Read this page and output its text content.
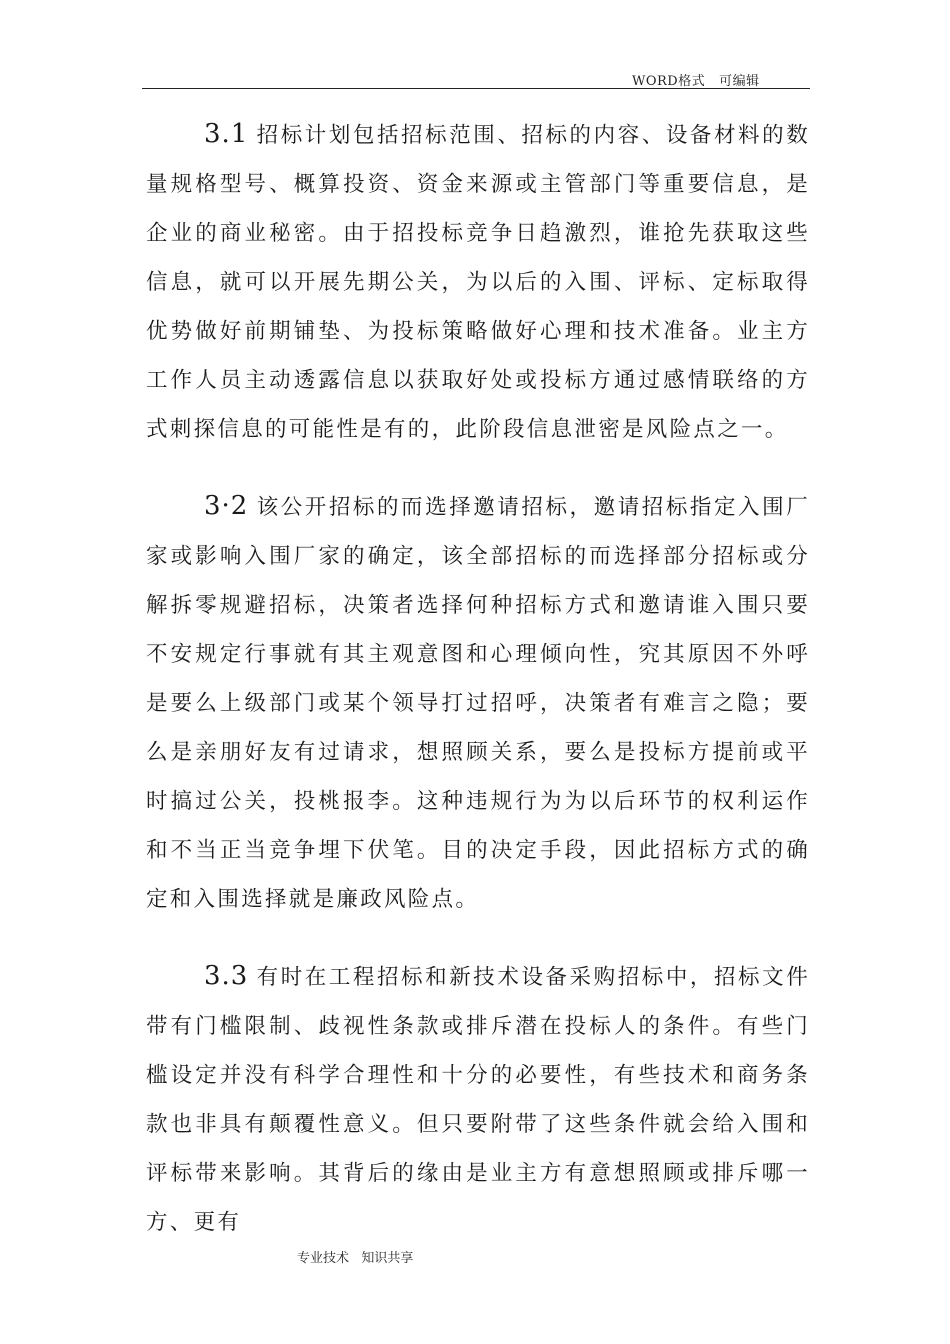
WORD格式   可编辑

3.1 招标计划包括招标范围、招标的内容、设备材料的数量规格型号、概算投资、资金来源或主管部门等重要信息，是企业的商业秘密。由于招投标竞争日趋激烈，谁抢先获取这些信息，就可以开展先期公关，为以后的入围、评标、定标取得优势做好前期铺垫、为投标策略做好心理和技术准备。业主方工作人员主动透露信息以获取好处或投标方通过感情联络的方式刺探信息的可能性是有的，此阶段信息泄密是风险点之一。

3·2 该公开招标的而选择邀请招标，邀请招标指定入围厂家或影响入围厂家的确定，该全部招标的而选择部分招标或分解拆零规避招标，决策者选择何种招标方式和邀请谁入围只要不安规定行事就有其主观意图和心理倾向性，究其原因不外呼是要么上级部门或某个领导打过招呼，决策者有难言之隐；要么是亲朋好友有过请求，想照顾关系，要么是投标方提前或平时搞过公关，投桃报李。这种违规行为为以后环节的权利运作和不当正当竞争埋下伏笔。目的决定手段，因此招标方式的确定和入围选择就是廉政风险点。

3.3 有时在工程招标和新技术设备采购招标中，招标文件带有门槛限制、歧视性条款或排斥潜在投标人的条件。有些门槛设定并没有科学合理性和十分的必要性，有些技术和商务条款也非具有颠覆性意义。但只要附带了这些条件就会给入围和评标带来影响。其背后的缘由是业主方有意想照顾或排斥哪一方、更有

专业技术   知识共享
